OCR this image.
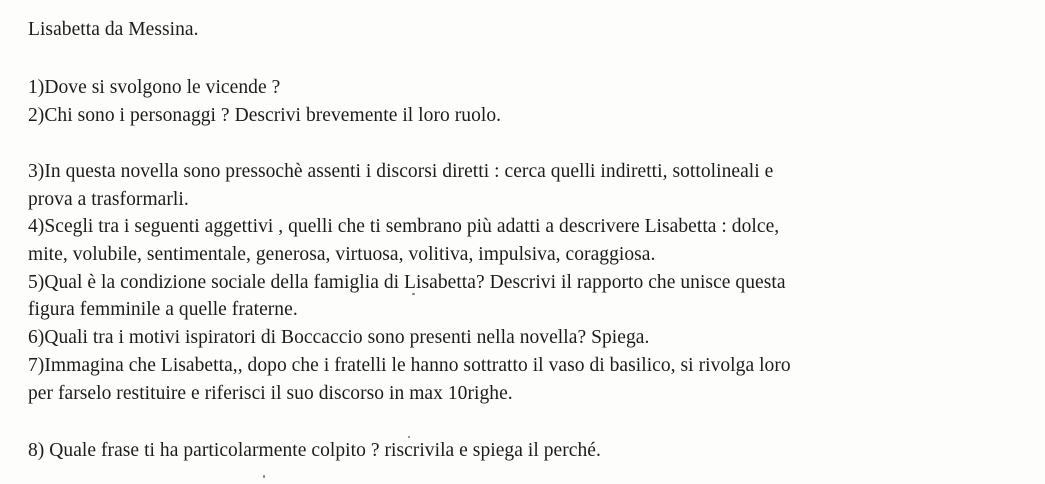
Lisabetta da Messina.
1)Dove si svolgono le vicende ?
2)Chi sono i personaggi ? Descrivi brevemente il loro ruolo.
3)In questa novella sono pressochè assenti i discorsi diretti : cerca quelli indiretti, sottolineali e
prova a trasformarli.
4)Scegli tra i seguenti aggettivi , quelli che ti sembrano più adatti a descrivere Lisabetta : dolce,
mite, volubile, sentimentale, generosa, virtuosa, volitiva, impulsiva, coraggiosa.
5)Qual è la condizione sociale della famiglia di Lisabetta? Descrivi il rapporto che unisce questa
figura femminile a quelle fraterne.
6)Quali tra i motivi ispiratori di Boccaccio sono presenti nella novella? Spiega.
7)Immagina che Lisabetta,, dopo che i fratelli le hanno sottratto il vaso di basilico, si rivolga loro
per farselo restituire e riferisci il suo discorso in max 10righe.
8) Quale frase ti ha particolarmente colpito ? riscrivila e spiega il perché.
